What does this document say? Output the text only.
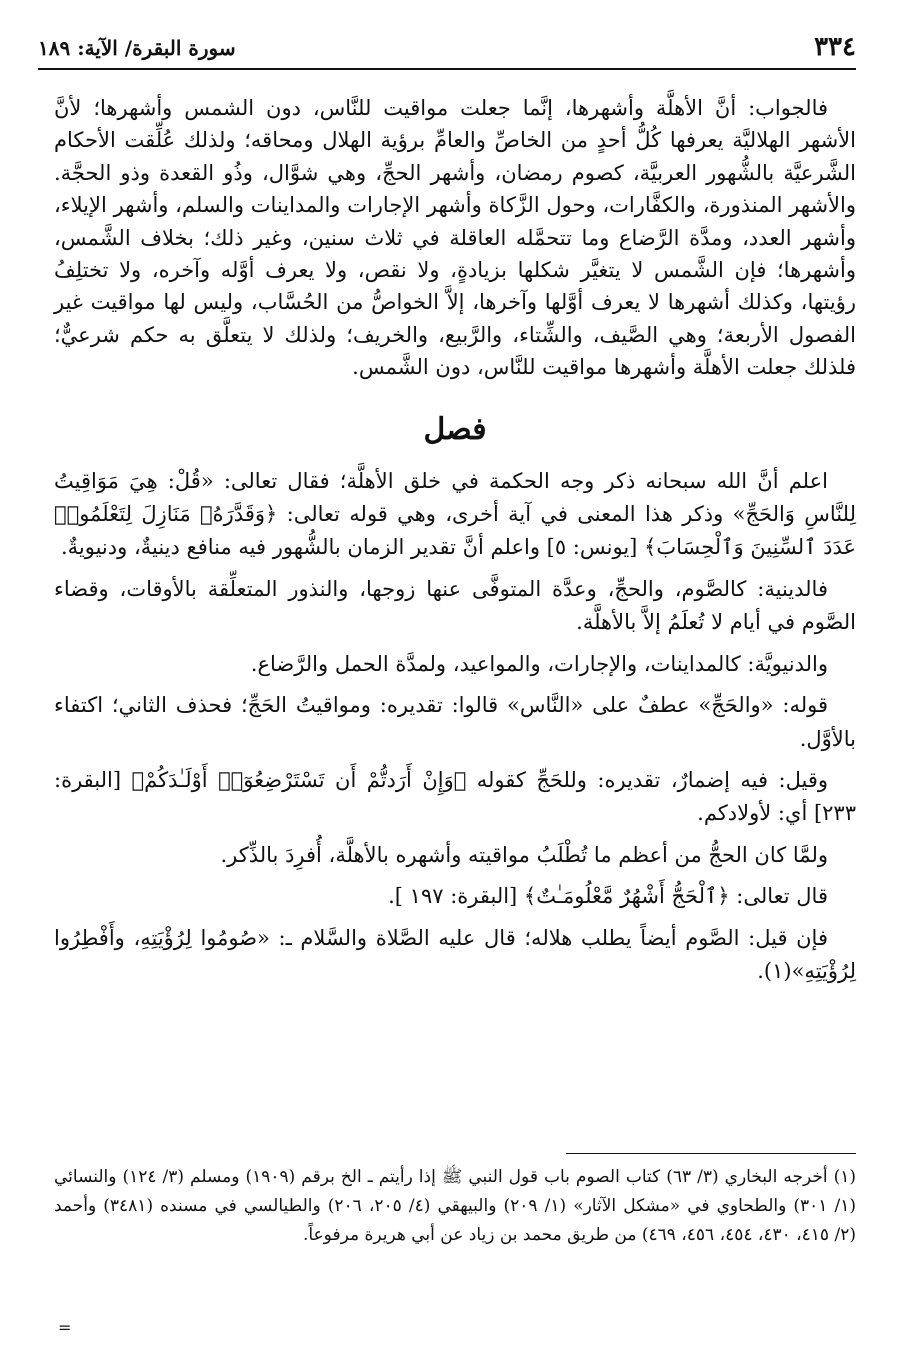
٣٣٤
سورة البقرة/ الآية: ١٨٩

فالجواب: أنَّ الأهلَّة وأشهرها، إنَّما جعلت مواقيت للنَّاس، دون الشمس وأشهرها؛ لأنَّ الأشهر الهلاليَّة يعرفها كُلُّ أحدٍ من الخاصِّ والعامِّ برؤية الهلال ومحاقه؛ ولذلك عُلِّقت الأحكام الشَّرعيَّة بالشُّهور العربيَّة، كصوم رمضان، وأشهر الحجِّ، وهي شوَّال، وذُو القعدة وذو الحجَّة. والأشهر المنذورة، والكفَّارات، وحول الزَّكاة وأشهر الإجارات والمداينات والسلم، وأشهر الإيلاء، وأشهر العدد، ومدَّة الرَّضاع وما تتحمَّله العاقلة في ثلاث سنين، وغير ذلك؛ بخلاف الشَّمس، وأشهرها؛ فإن الشَّمس لا يتغيَّر شكلها بزيادةٍ، ولا نقص، ولا يعرف أوَّله وآخره، ولا تختلِفُ رؤيتها، وكذلك أشهرها لا يعرف أوَّلها وآخرها، إلاَّ الخواصُّ من الحُسَّاب، وليس لها مواقيت غير الفصول الأربعة؛ وهي الصَّيف، والشِّتاء، والرَّبيع، والخريف؛ ولذلك لا يتعلَّق به حكم شرعيٌّ؛ فلذلك جعلت الأهلَّة وأشهرها مواقيت للنَّاس، دون الشَّمس.

فصل

اعلم أنَّ الله سبحانه ذكر وجه الحكمة في خلق الأهلَّة؛ فقال تعالى: «قُلْ: هِيَ مَوَاقِيتُ لِلنَّاسِ وَالحَجِّ» وذكر هذا المعنى في آية أخرى، وهي قوله تعالى: ﴿وَقَدَّرَهُۥ مَنَازِلَ لِتَعْلَمُوا۟ عَدَدَ ٱلسِّنِينَ وَٱلْحِسَابَ﴾ [يونس: ٥] واعلم أنَّ تقدير الزمان بالشُّهور فيه منافع دينيةٌ، ودنيويةٌ.

فالدينية: كالصَّوم، والحجِّ، وعدَّة المتوفَّى عنها زوجها، والنذور المتعلِّقة بالأوقات، وقضاء الصَّوم في أيام لا تُعلَمُ إلاَّ بالأهلَّة.

والدنيويَّة: كالمداينات، والإجارات، والمواعيد، ولمدَّة الحمل والرَّضاع.

قوله: «والحَجِّ» عطفٌ على «النَّاس» قالوا: تقديره: ومواقيتُ الحَجِّ؛ فحذف الثاني؛ اكتفاء بالأوَّل.

وقيل: فيه إضمارٌ، تقديره: وللحَجِّ كقوله ﴿وَإِنْ أَرَدتُّمْ أَن تَسْتَرْضِعُوٓا۟ أَوْلَـٰدَكُمْ﴾ [البقرة: ٢٣٣] أي: لأولادكم.

ولمَّا كان الحجُّ من أعظم ما تُطْلَبُ مواقيته وأشهره بالأهلَّة، أُفرِدَ بالذِّكر.

قال تعالى: ﴿ٱلْحَجُّ أَشْهُرٌ مَّعْلُومَـٰتٌ﴾ [البقرة: ١٩٧ ].

فإن قيل: الصَّوم أيضاً يطلب هلاله؛ قال عليه الصَّلاة والسَّلام ـ: «صُومُوا لِرُؤْيَتِهِ، وأَفْطِرُوا لِرُؤْيَتِهِ»(١).

(١) أخرجه البخاري (٣/ ٦٣) كتاب الصوم باب قول النبي ﷺ إذا رأيتم ـ الخ برقم (١٩٠٩) ومسلم (٣/ ١٢٤) والنسائي (١/ ٣٠١) والطحاوي في «مشكل الآثار» (١/ ٢٠٩) والبيهقي (٤/ ٢٠٥، ٢٠٦) والطيالسي في مسنده (٣٤٨١) وأحمد (٢/ ٤١٥، ٤٣٠، ٤٥٤، ٤٥٦، ٤٦٩) من طريق محمد بن زياد عن أبي هريرة مرفوعاً.

=
